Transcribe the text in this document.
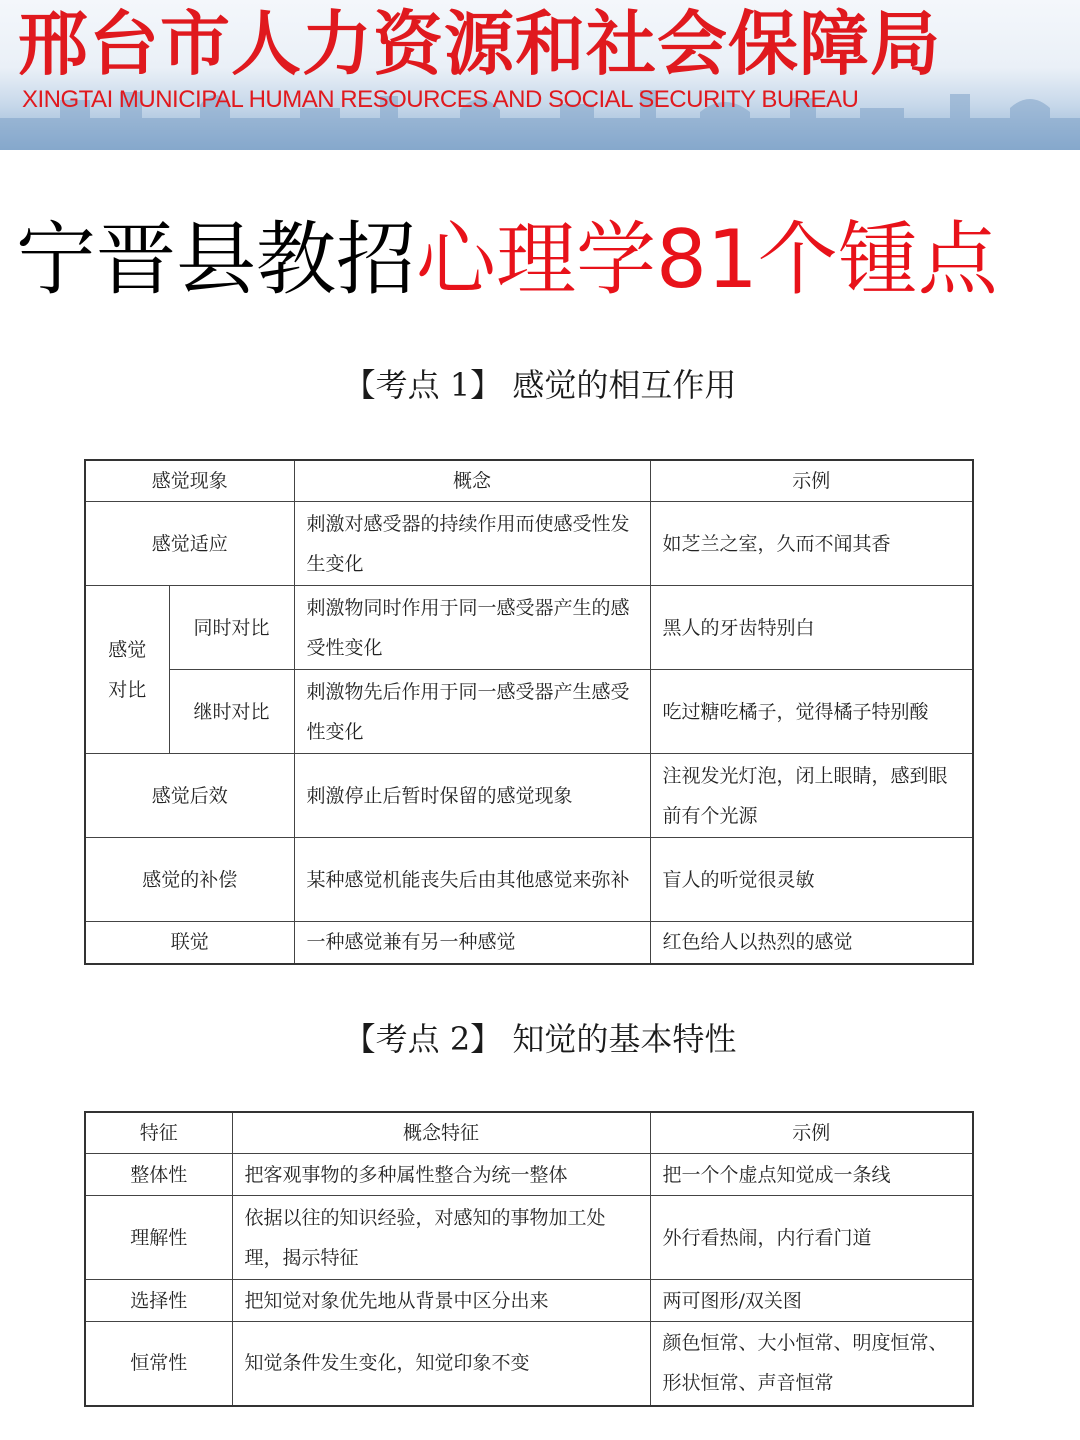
邢台市人力资源和社会保障局
XINGTAI MUNICIPAL HUMAN RESOURCES AND SOCIAL SECURITY BUREAU
宁晋县教招心理学81个锺点
【考点 1】 感觉的相互作用
感觉现象		概念	示例
感觉适应		刺激对感受器的持续作用而使感受性发生变化	如芝兰之室，久而不闻其香
感觉对比	同时对比	刺激物同时作用于同一感受器产生的感受性变化	黑人的牙齿特别白
	继时对比	刺激物先后作用于同一感受器产生感受性变化	吃过糖吃橘子，觉得橘子特别酸
感觉后效		刺激停止后暂时保留的感觉现象	注视发光灯泡，闭上眼睛，感到眼前有个光源
感觉的补偿		某种感觉机能丧失后由其他感觉来弥补	盲人的听觉很灵敏
联觉		一种感觉兼有另一种感觉	红色给人以热烈的感觉
【考点 2】 知觉的基本特性
特征	概念特征	示例
整体性	把客观事物的多种属性整合为统一整体	把一个个虚点知觉成一条线
理解性	依据以往的知识经验，对感知的事物加工处理，揭示特征	外行看热闹，内行看门道
选择性	把知觉对象优先地从背景中区分出来	两可图形/双关图
恒常性	知觉条件发生变化，知觉印象不变	颜色恒常、大小恒常、明度恒常、形状恒常、声音恒常
